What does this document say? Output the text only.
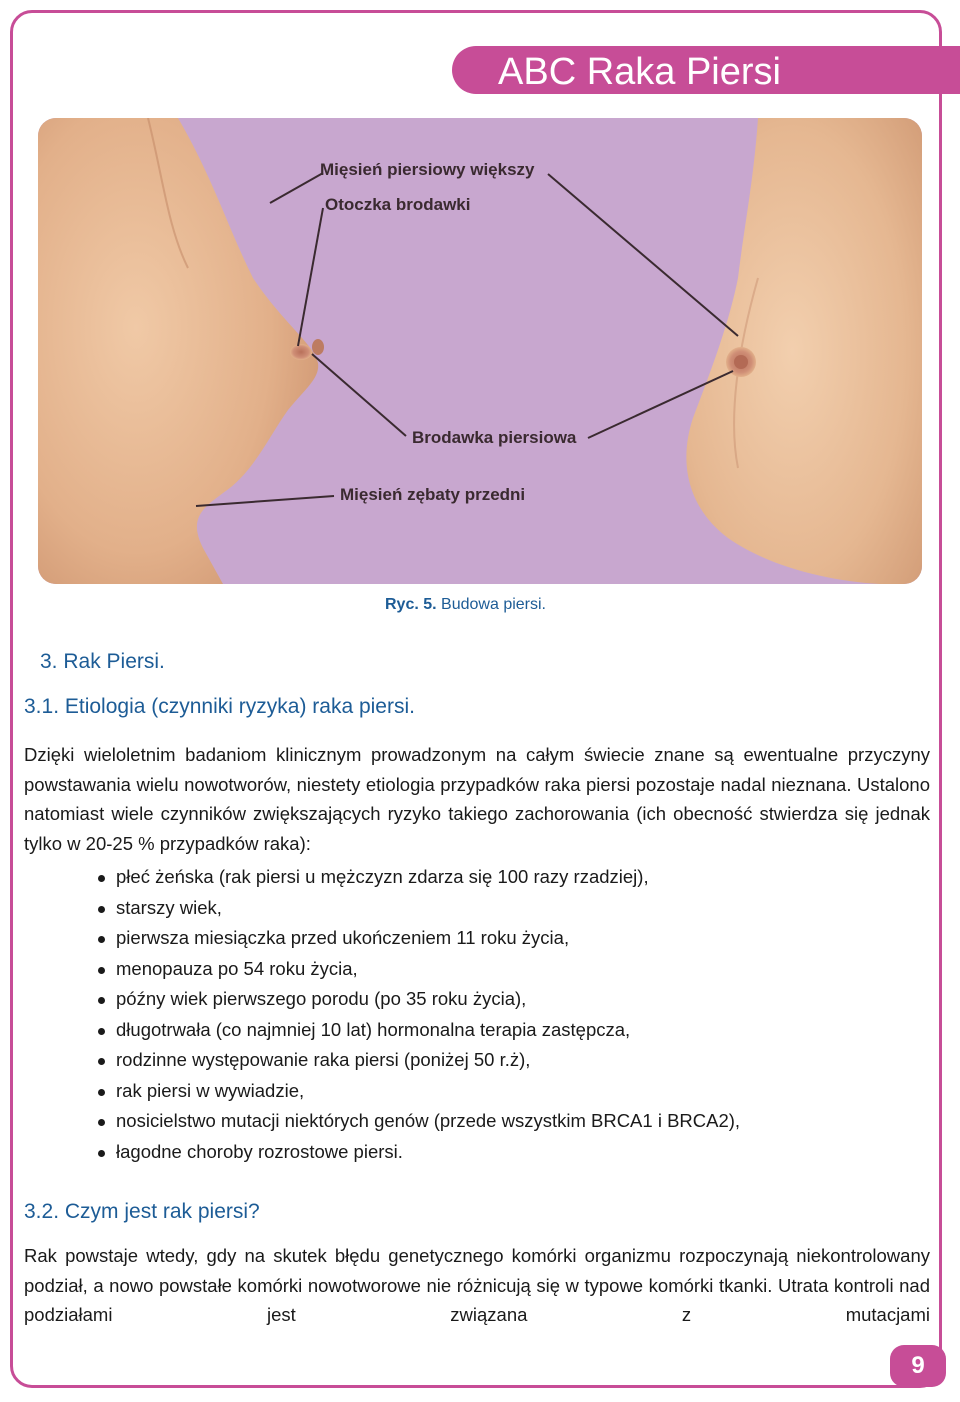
ABC Raka Piersi
Mięsień piersiowy większy
Otoczka brodawki
Brodawka piersiowa
Mięsień zębaty przedni
Ryc. 5. Budowa piersi.
3. Rak Piersi.
3.1. Etiologia (czynniki ryzyka) raka piersi.
Dzięki wieloletnim badaniom klinicznym prowadzonym na całym świecie znane są ewentualne przyczyny powstawania wielu nowotworów, niestety etiologia przypadków raka piersi pozostaje nadal nieznana. Ustalono natomiast wiele czynników zwiększających ryzyko takiego zachorowania (ich obecność stwierdza się jednak tylko w 20-25 % przypadków raka):
płeć żeńska (rak piersi u mężczyzn zdarza się 100 razy rzadziej),
starszy wiek,
pierwsza miesiączka przed ukończeniem 11 roku życia,
menopauza po 54 roku życia,
późny wiek pierwszego porodu (po 35 roku życia),
długotrwała (co najmniej 10 lat) hormonalna terapia zastępcza,
rodzinne występowanie raka piersi (poniżej 50 r.ż),
rak piersi w wywiadzie,
nosicielstwo mutacji niektórych genów (przede wszystkim BRCA1 i BRCA2),
łagodne choroby rozrostowe piersi.
3.2. Czym jest rak piersi?
Rak powstaje wtedy, gdy na skutek błędu genetycznego komórki organizmu rozpoczynają niekontrolowany podział, a nowo powstałe komórki nowotworowe nie różnicują się w typowe komórki tkanki. Utrata kontroli nad podziałami jest związana z mutacjami
9
